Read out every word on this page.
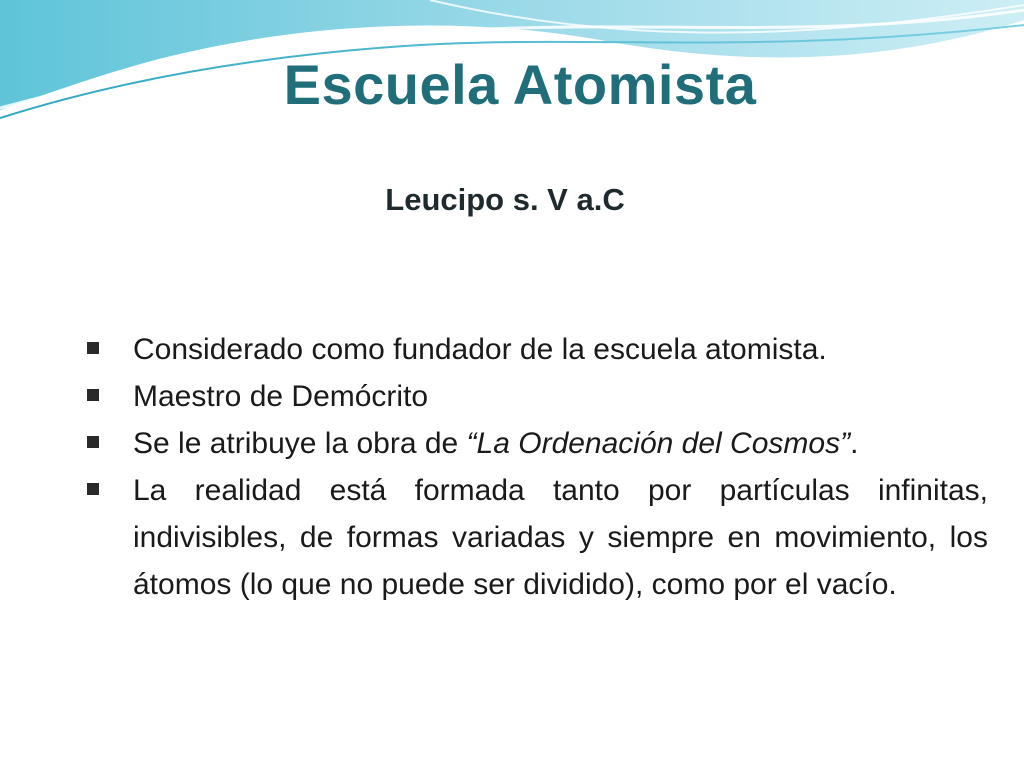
Escuela Atomista
Leucipo s. V a.C
Considerado como fundador de la escuela atomista.
Maestro de Demócrito
Se le atribuye la obra de “La Ordenación del Cosmos”.
La realidad está formada tanto por partículas infinitas, indivisibles, de formas variadas y siempre en movimiento, los átomos (lo que no puede ser dividido), como por el vacío.
